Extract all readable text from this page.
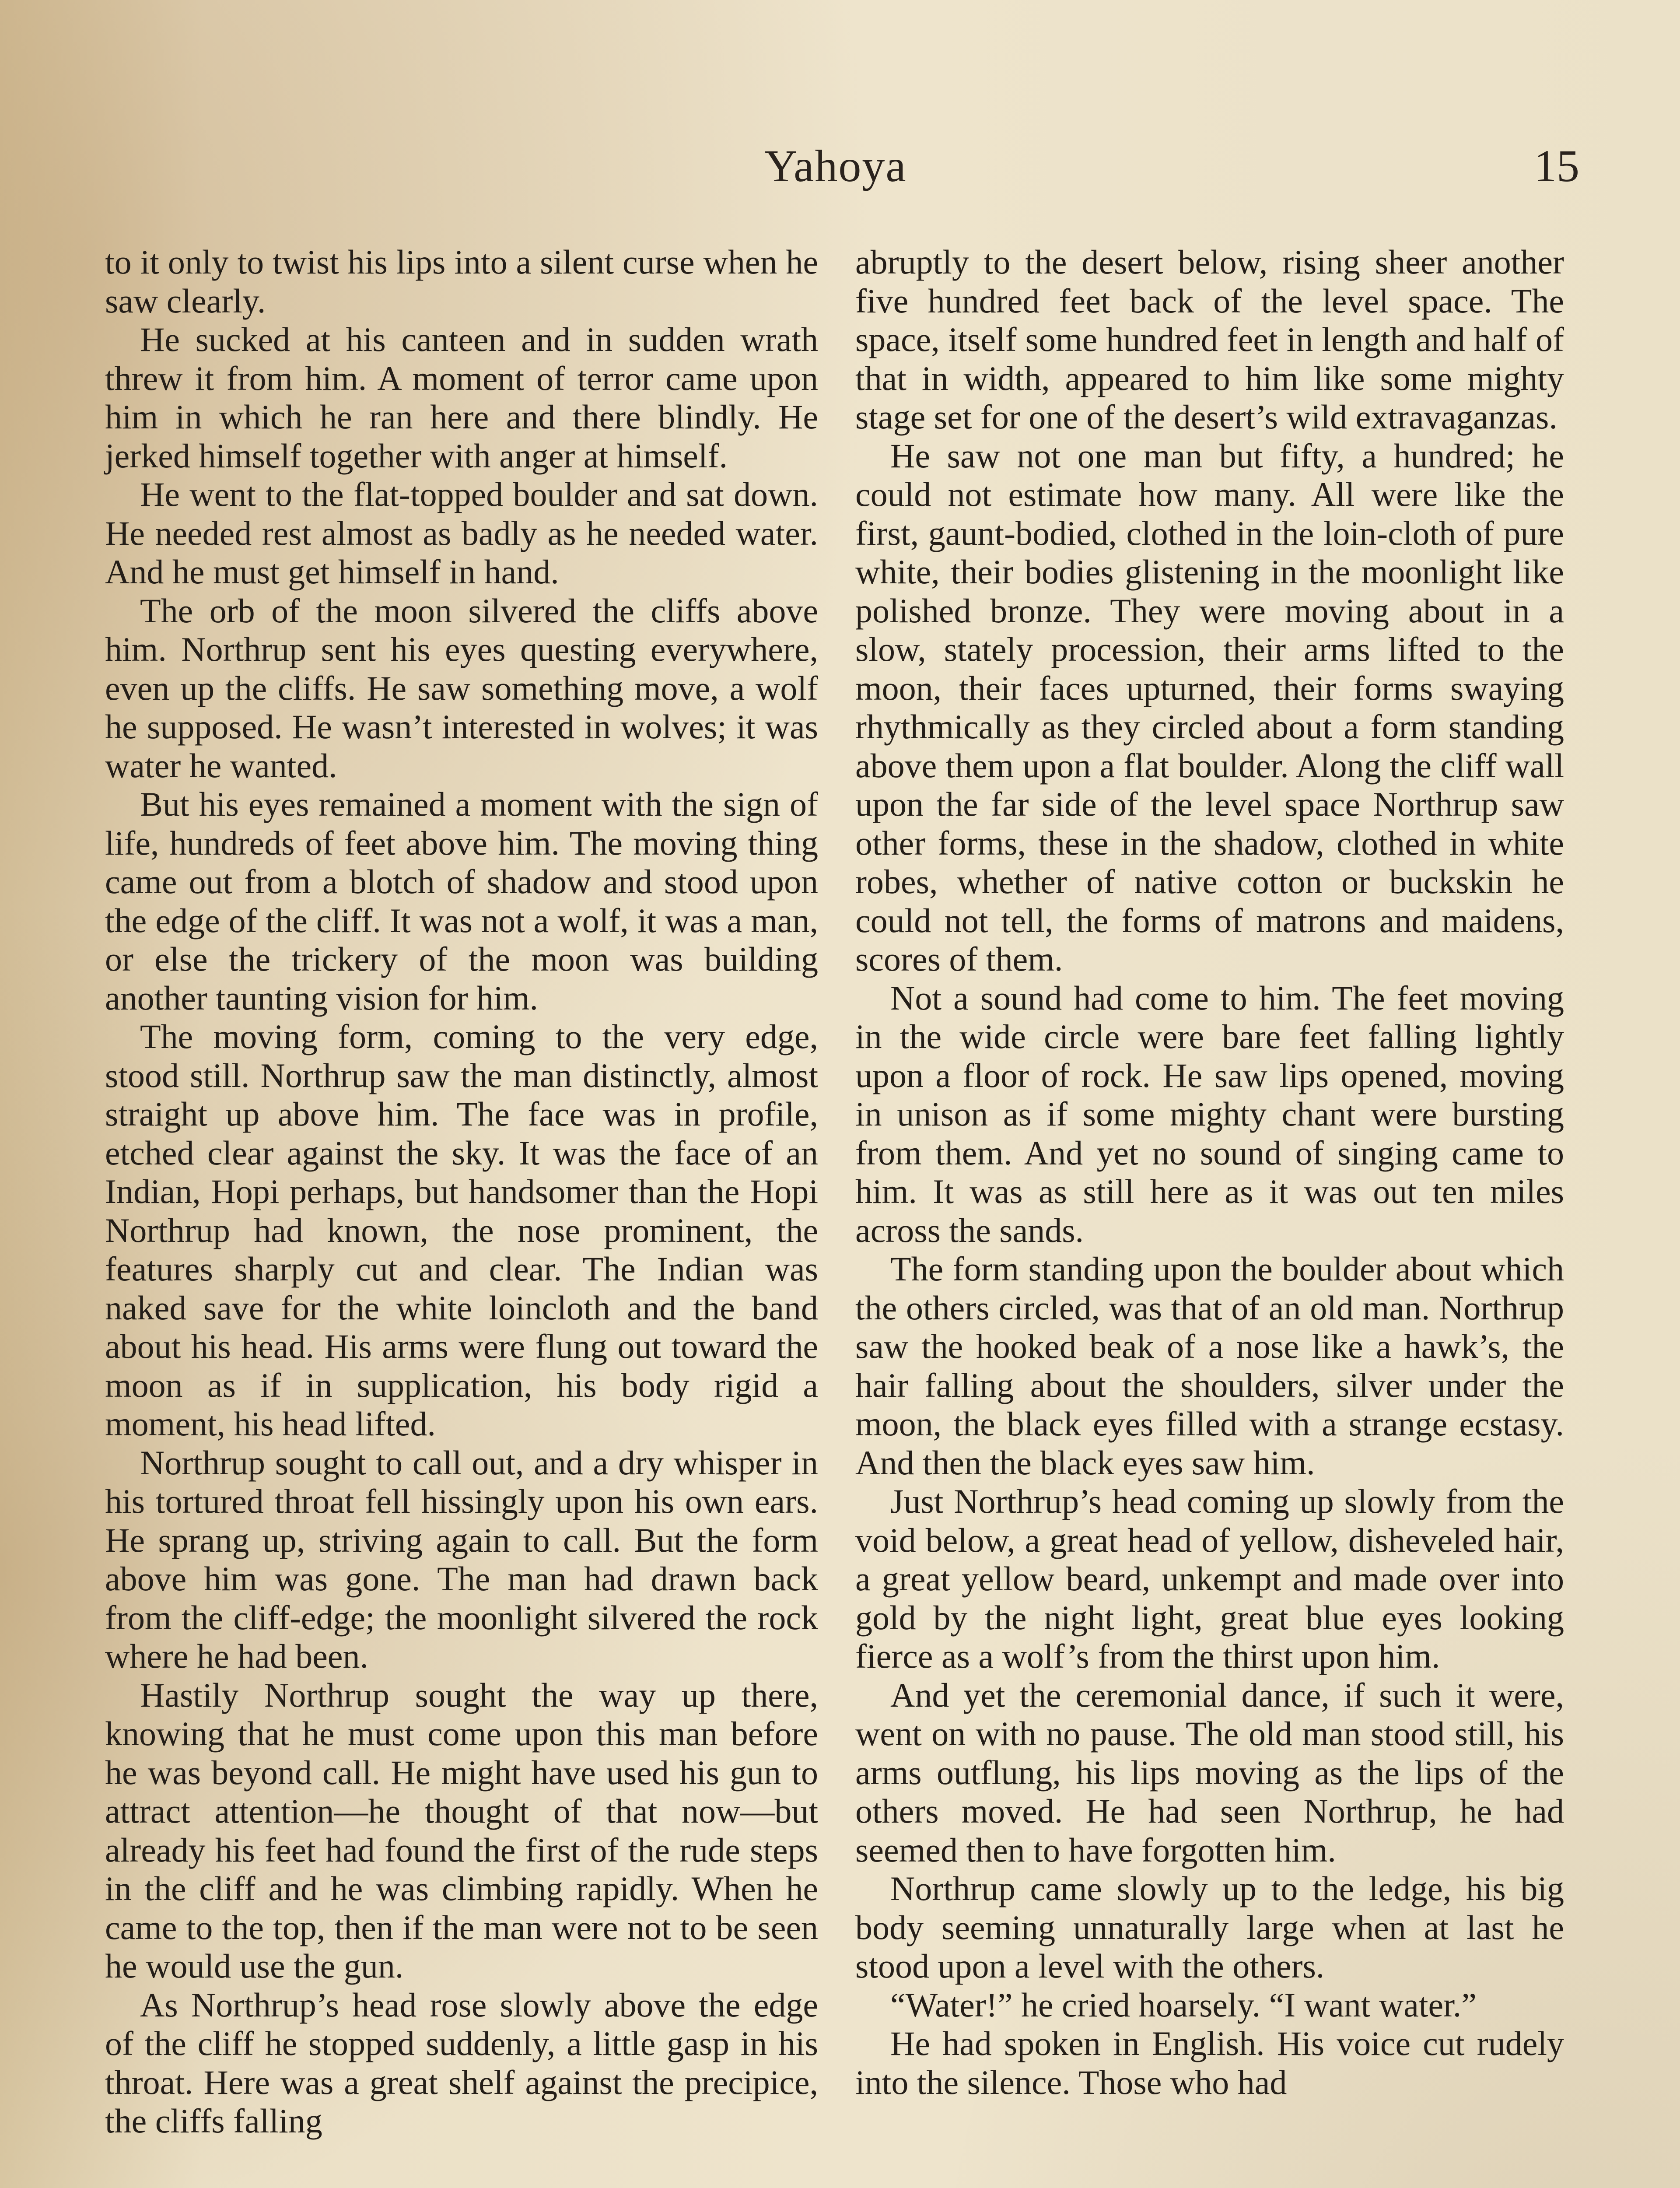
Yahoya	15

to it only to twist his lips into a silent curse when he saw clearly.

He sucked at his canteen and in sudden wrath threw it from him. A moment of terror came upon him in which he ran here and there blindly. He jerked himself together with anger at himself.

He went to the flat-topped boulder and sat down. He needed rest almost as badly as he needed water. And he must get himself in hand.

The orb of the moon silvered the cliffs above him. Northrup sent his eyes questing everywhere, even up the cliffs. He saw something move, a wolf he supposed. He wasn’t interested in wolves; it was water he wanted.

But his eyes remained a moment with the sign of life, hundreds of feet above him. The moving thing came out from a blotch of shadow and stood upon the edge of the cliff. It was not a wolf, it was a man, or else the trickery of the moon was building another taunting vision for him.

The moving form, coming to the very edge, stood still. Northrup saw the man distinctly, almost straight up above him. The face was in profile, etched clear against the sky. It was the face of an Indian, Hopi perhaps, but handsomer than the Hopi Northrup had known, the nose prominent, the features sharply cut and clear. The Indian was naked save for the white loincloth and the band about his head. His arms were flung out toward the moon as if in supplication, his body rigid a moment, his head lifted.

Northrup sought to call out, and a dry whisper in his tortured throat fell hissingly upon his own ears. He sprang up, striving again to call. But the form above him was gone. The man had drawn back from the cliff-edge; the moonlight silvered the rock where he had been.

Hastily Northrup sought the way up there, knowing that he must come upon this man before he was beyond call. He might have used his gun to attract attention—he thought of that now—but already his feet had found the first of the rude steps in the cliff and he was climbing rapidly. When he came to the top, then if the man were not to be seen he would use the gun.

As Northrup’s head rose slowly above the edge of the cliff he stopped suddenly, a little gasp in his throat. Here was a great shelf against the precipice, the cliffs falling

abruptly to the desert below, rising sheer another five hundred feet back of the level space. The space, itself some hundred feet in length and half of that in width, appeared to him like some mighty stage set for one of the desert’s wild extravaganzas.

He saw not one man but fifty, a hundred; he could not estimate how many. All were like the first, gaunt-bodied, clothed in the loin-cloth of pure white, their bodies glistening in the moonlight like polished bronze. They were moving about in a slow, stately procession, their arms lifted to the moon, their faces upturned, their forms swaying rhythmically as they circled about a form standing above them upon a flat boulder. Along the cliff wall upon the far side of the level space Northrup saw other forms, these in the shadow, clothed in white robes, whether of native cotton or buckskin he could not tell, the forms of matrons and maidens, scores of them.

Not a sound had come to him. The feet moving in the wide circle were bare feet falling lightly upon a floor of rock. He saw lips opened, moving in unison as if some mighty chant were bursting from them. And yet no sound of singing came to him. It was as still here as it was out ten miles across the sands.

The form standing upon the boulder about which the others circled, was that of an old man. Northrup saw the hooked beak of a nose like a hawk’s, the hair falling about the shoulders, silver under the moon, the black eyes filled with a strange ecstasy. And then the black eyes saw him.

Just Northrup’s head coming up slowly from the void below, a great head of yellow, disheveled hair, a great yellow beard, unkempt and made over into gold by the night light, great blue eyes looking fierce as a wolf’s from the thirst upon him.

And yet the ceremonial dance, if such it were, went on with no pause. The old man stood still, his arms outflung, his lips moving as the lips of the others moved. He had seen Northrup, he had seemed then to have forgotten him.

Northrup came slowly up to the ledge, his big body seeming unnaturally large when at last he stood upon a level with the others.

“Water!” he cried hoarsely. “I want water.”

He had spoken in English. His voice cut rudely into the silence. Those who had
